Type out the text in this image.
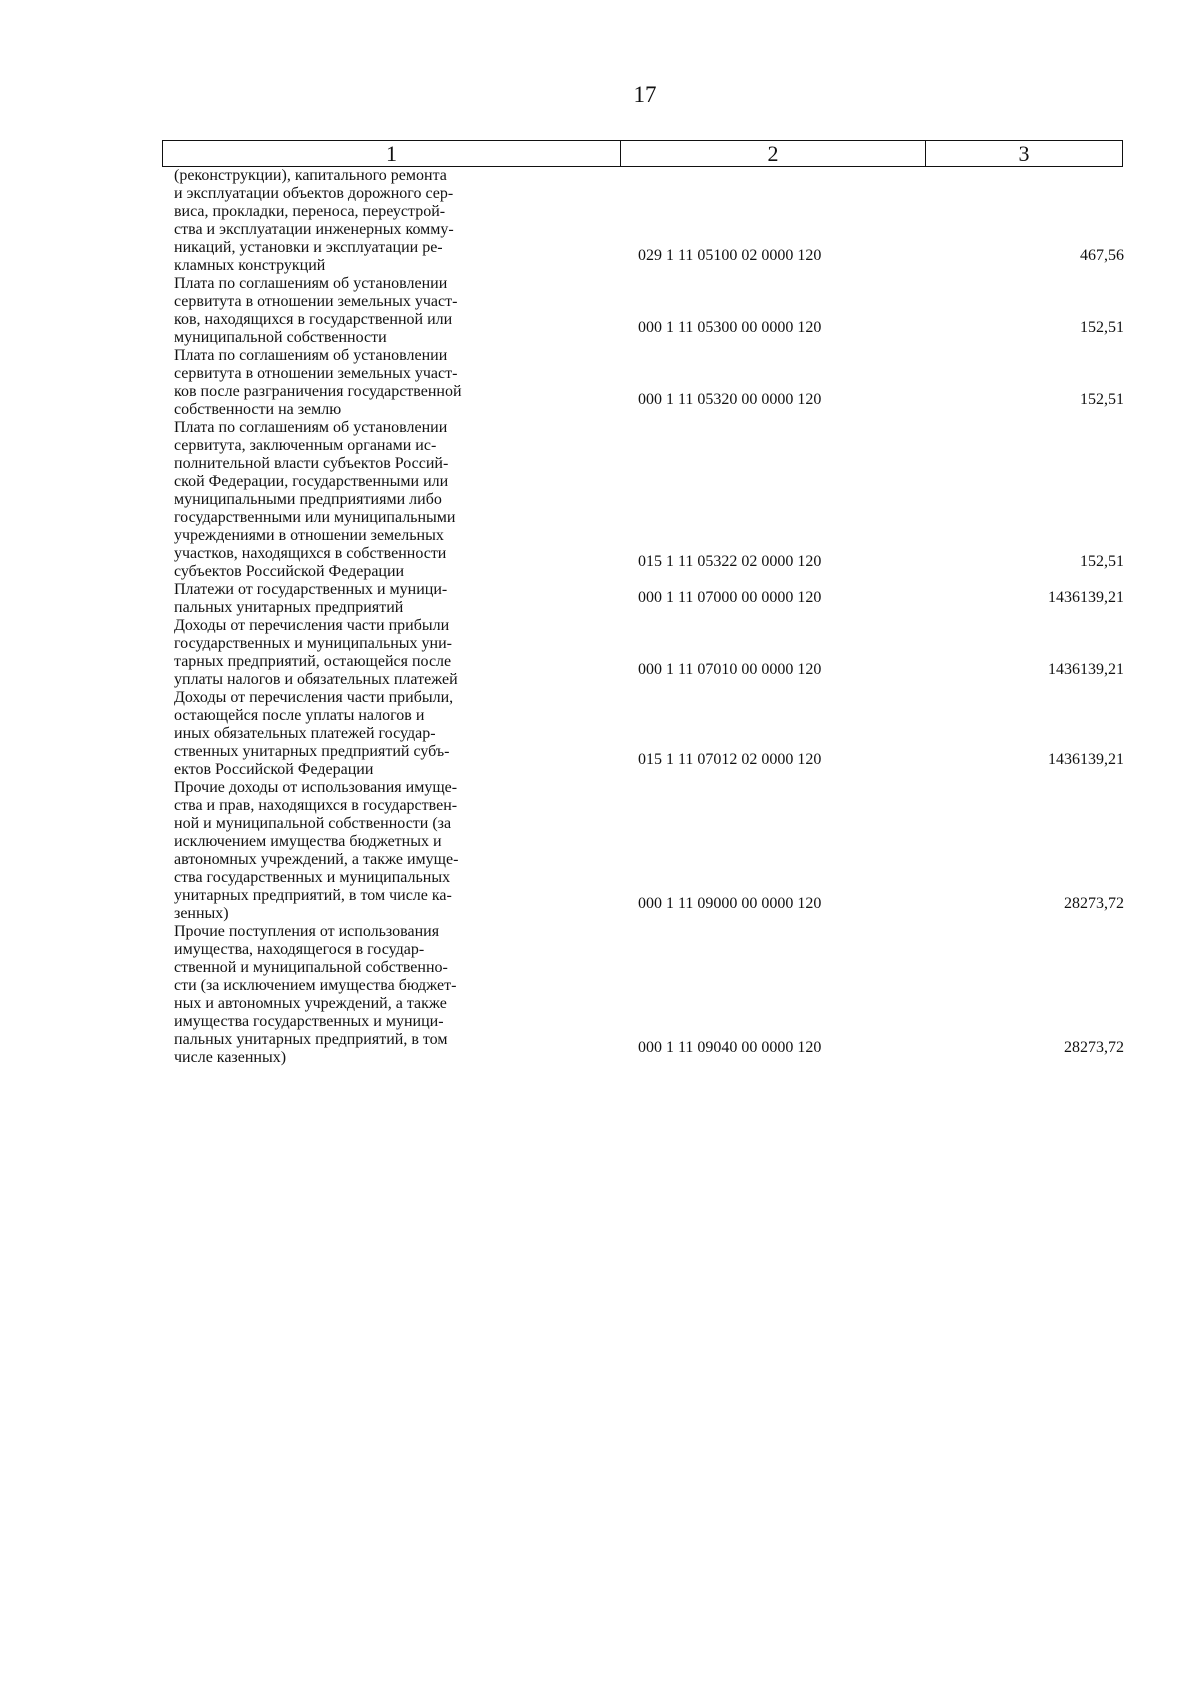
17
1	2	3
(реконструкции), капитального ремонта
и эксплуатации объектов дорожного сер-
виса, прокладки, переноса, переустрой-
ства и эксплуатации инженерных комму-
никаций, установки и эксплуатации ре-
кламных конструкций
029 1 11 05100 02 0000 120	467,56
Плата по соглашениям об установлении
сервитута в отношении земельных участ-
ков, находящихся в государственной или
муниципальной собственности
000 1 11 05300 00 0000 120	152,51
Плата по соглашениям об установлении
сервитута в отношении земельных участ-
ков после разграничения государственной
собственности на землю
000 1 11 05320 00 0000 120	152,51
Плата по соглашениям об установлении
сервитута, заключенным органами ис-
полнительной власти субъектов Россий-
ской Федерации, государственными или
муниципальными предприятиями либо
государственными или муниципальными
учреждениями в отношении земельных
участков, находящихся в собственности
субъектов Российской Федерации
015 1 11 05322 02 0000 120	152,51
Платежи от государственных и муници-
пальных унитарных предприятий
000 1 11 07000 00 0000 120	1436139,21
Доходы от перечисления части прибыли
государственных и муниципальных уни-
тарных предприятий, остающейся после
уплаты налогов и обязательных платежей
000 1 11 07010 00 0000 120	1436139,21
Доходы от перечисления части прибыли,
остающейся после уплаты налогов и
иных обязательных платежей государ-
ственных унитарных предприятий субъ-
ектов Российской Федерации
015 1 11 07012 02 0000 120	1436139,21
Прочие доходы от использования имуще-
ства и прав, находящихся в государствен-
ной и муниципальной собственности (за
исключением имущества бюджетных и
автономных учреждений, а также имуще-
ства государственных и муниципальных
унитарных предприятий, в том числе ка-
зенных)
000 1 11 09000 00 0000 120	28273,72
Прочие поступления от использования
имущества, находящегося в государ-
ственной и муниципальной собственно-
сти (за исключением имущества бюджет-
ных и автономных учреждений, а также
имущества государственных и муници-
пальных унитарных предприятий, в том
числе казенных)
000 1 11 09040 00 0000 120	28273,72
